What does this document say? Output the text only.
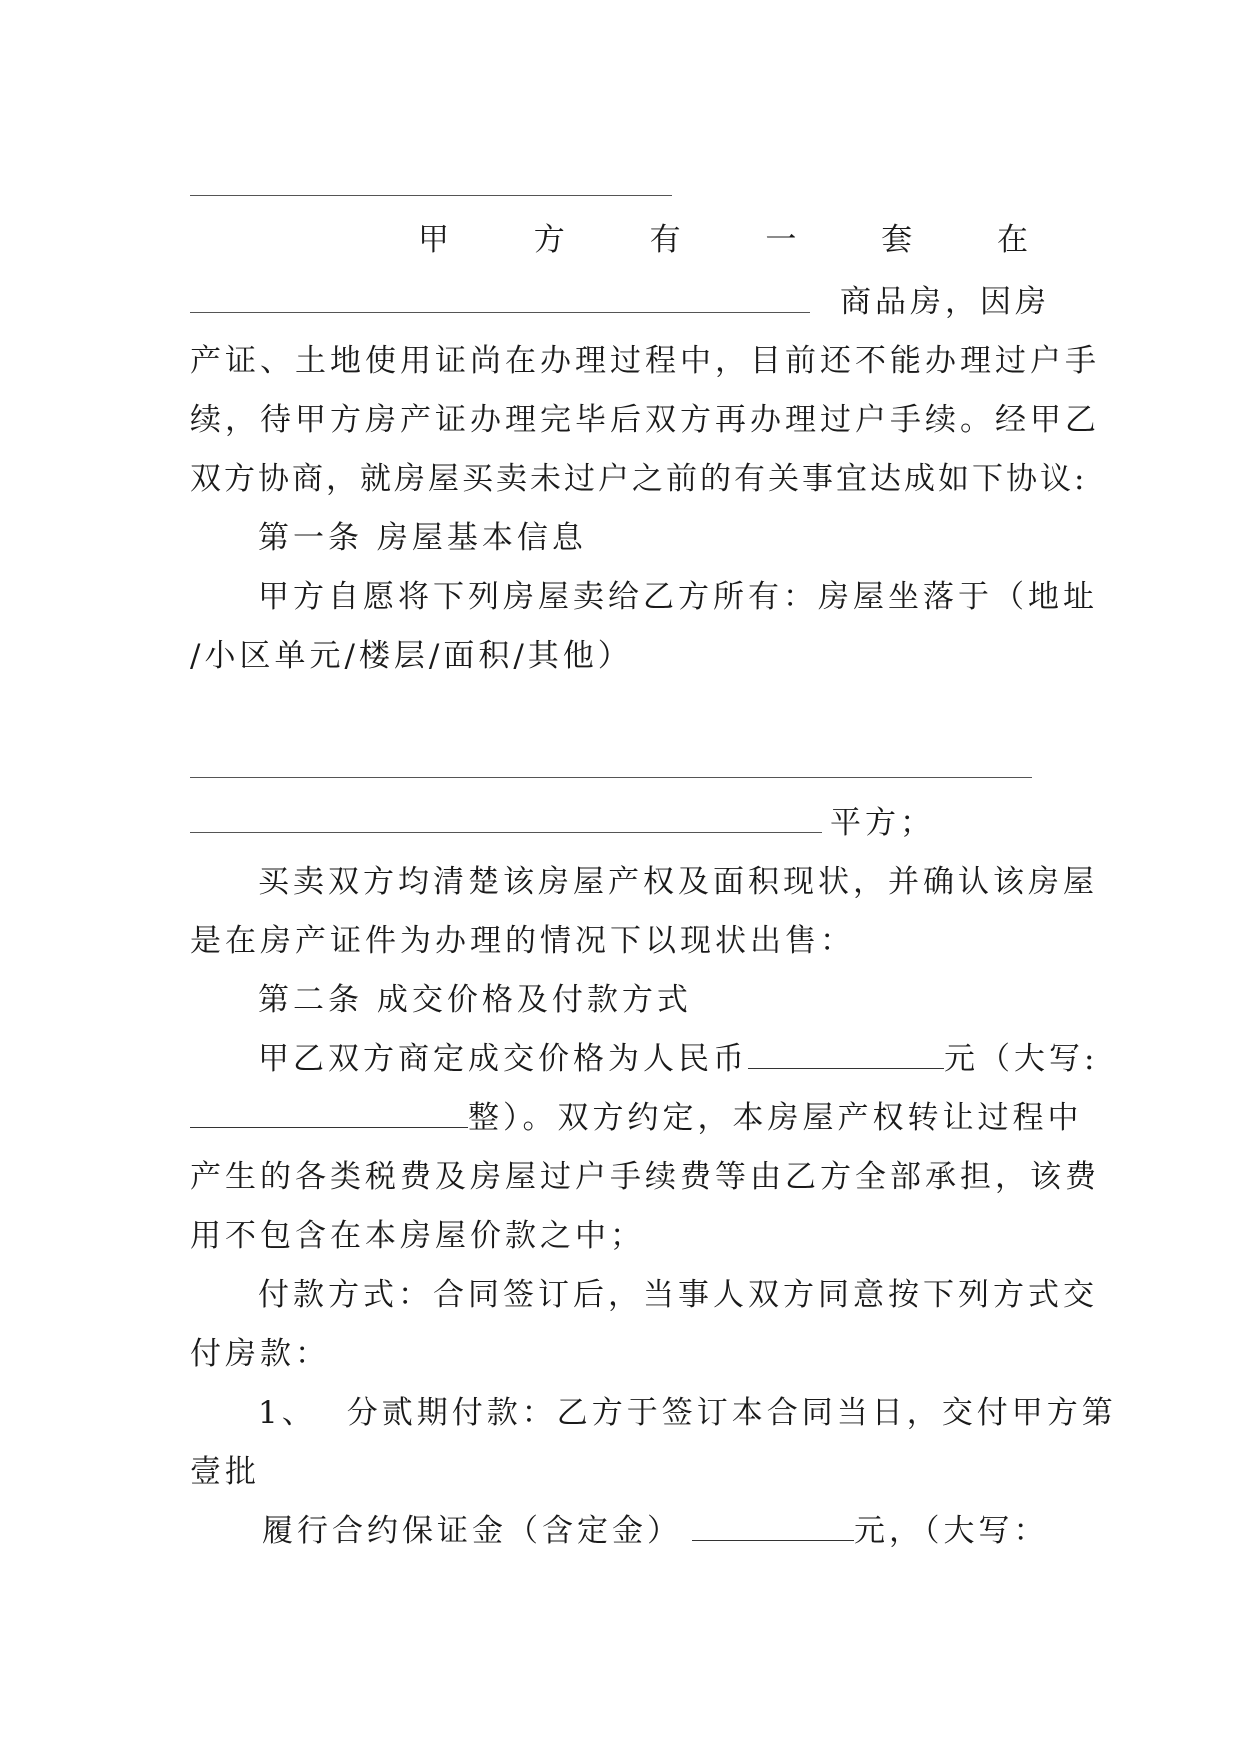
甲	方	有	一	套	在
商品房，因房
产证、土地使用证尚在办理过程中，目前还不能办理过户手
续，待甲方房产证办理完毕后双方再办理过户手续。经甲乙
双方协商，就房屋买卖未过户之前的有关事宜达成如下协议:
第一条 房屋基本信息
甲方自愿将下列房屋卖给乙方所有：房屋坐落于（地址
/小区单元/楼层/面积/其他）
平方；
买卖双方均清楚该房屋产权及面积现状，并确认该房屋
是在房产证件为办理的情况下以现状出售：
第二条 成交价格及付款方式
甲乙双方商定成交价格为人民币	元（大写:
整）。双方约定，本房屋产权转让过程中
产生的各类税费及房屋过户手续费等由乙方全部承担，该费
用不包含在本房屋价款之中；
付款方式：合同签订后，当事人双方同意按下列方式交
付房款：
1、 分贰期付款：乙方于签订本合同当日，交付甲方第
壹批
履行合约保证金（含定金）	元，（大写：
